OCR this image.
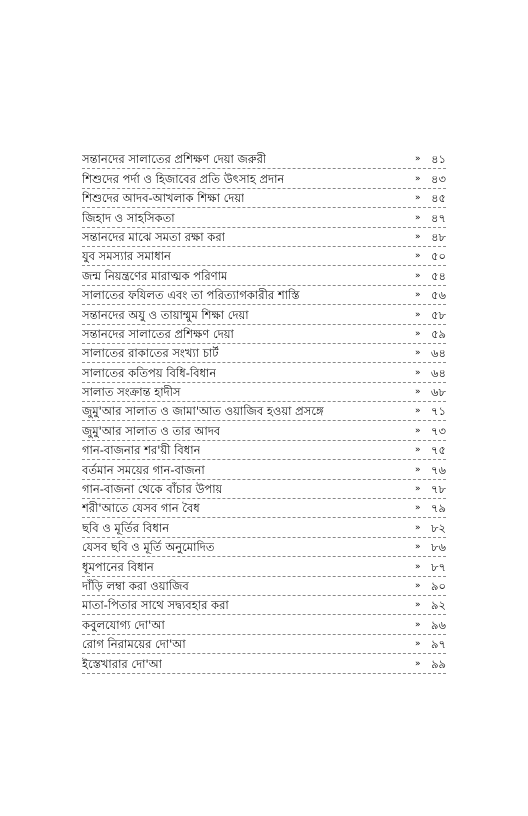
সন্তানদের সালাতের প্রশিক্ষণ দেয়া জরুরী	» ৪১
শিশুদের পর্দা ও হিজাবের প্রতি উৎসাহ প্রদান	» ৪৩
শিশুদের আদব-আখলাক শিক্ষা দেয়া	» ৪৫
জিহাদ ও সাহসিকতা	» ৪৭
সন্তানদের মাঝে সমতা রক্ষা করা	» ৪৮
যুব সমস্যার সমাধান	» ৫০
জন্ম নিয়ন্ত্রণের মারাত্মক পরিণাম	» ৫৪
সালাতের ফযিলত এবং তা পরিত্যাগকারীর শাস্তি	» ৫৬
সন্তানদের অযু ও তায়াম্মুম শিক্ষা দেয়া	» ৫৮
সন্তানদের সালাতের প্রশিক্ষণ দেয়া	» ৫৯
সালাতের রাকাতের সংখ্যা চার্ট	» ৬৪
সালাতের কতিপয় বিধি-বিধান	» ৬৪
সালাত সংক্রান্ত হাদীস	» ৬৮
জুমু'আর সালাত ও জামা'আত ওয়াজিব হওয়া প্রসঙ্গে	» ৭১
জুমু'আর সালাত ও তার আদব	» ৭৩
গান-বাজনার শর'য়ী বিধান	» ৭৫
বর্তমান সময়ের গান-বাজনা	» ৭৬
গান-বাজনা থেকে বাঁচার উপায়	» ৭৮
শরী'আতে যেসব গান বৈধ	» ৭৯
ছবি ও মূর্তির বিধান	» ৮২
যেসব ছবি ও মূর্তি অনুমোদিত	» ৮৬
ধূমপানের বিধান	» ৮৭
দাঁড়ি লম্বা করা ওয়াজিব	» ৯০
মাতা-পিতার সাথে সদ্ব্যবহার করা	» ৯২
কবুলযোগ্য দো'আ	» ৯৬
রোগ নিরাময়ের দো'আ	» ৯৭
ইস্তেখারার দো'আ	» ৯৯
